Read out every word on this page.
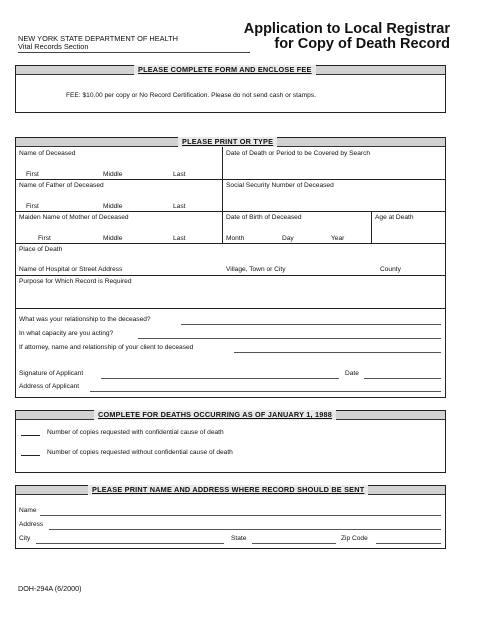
NEW YORK STATE DEPARTMENT OF HEALTH
Vital Records Section
Application to Local Registrar
for Copy of Death Record
PLEASE COMPLETE FORM AND ENCLOSE FEE
FEE: $10.00 per copy or No Record Certification. Please do not send cash or stamps.
PLEASE PRINT OR TYPE
Name of Deceased	Date of Death or Period to be Covered by Search
First	Middle	Last
Name of Father of Deceased	Social Security Number of Deceased
First	Middle	Last
Maiden Name of Mother of Deceased	Date of Birth of Deceased	Age at Death
First	Middle	Last	Month	Day	Year
Place of Death
Name of Hospital or Street Address	Village, Town or City	County
Purpose for Which Record is Required
What was your relationship to the deceased?
In what capacity are you acting?
If attorney, name and relationship of your client to deceased
Signature of Applicant	Date
Address of Applicant
COMPLETE FOR DEATHS OCCURRING AS OF JANUARY 1, 1988
Number of copies requested with confidential cause of death
Number of copies requested without confidential cause of death
PLEASE PRINT NAME AND ADDRESS WHERE RECORD SHOULD BE SENT
Name
Address
City	State	Zip Code
DOH-294A (6/2000)
